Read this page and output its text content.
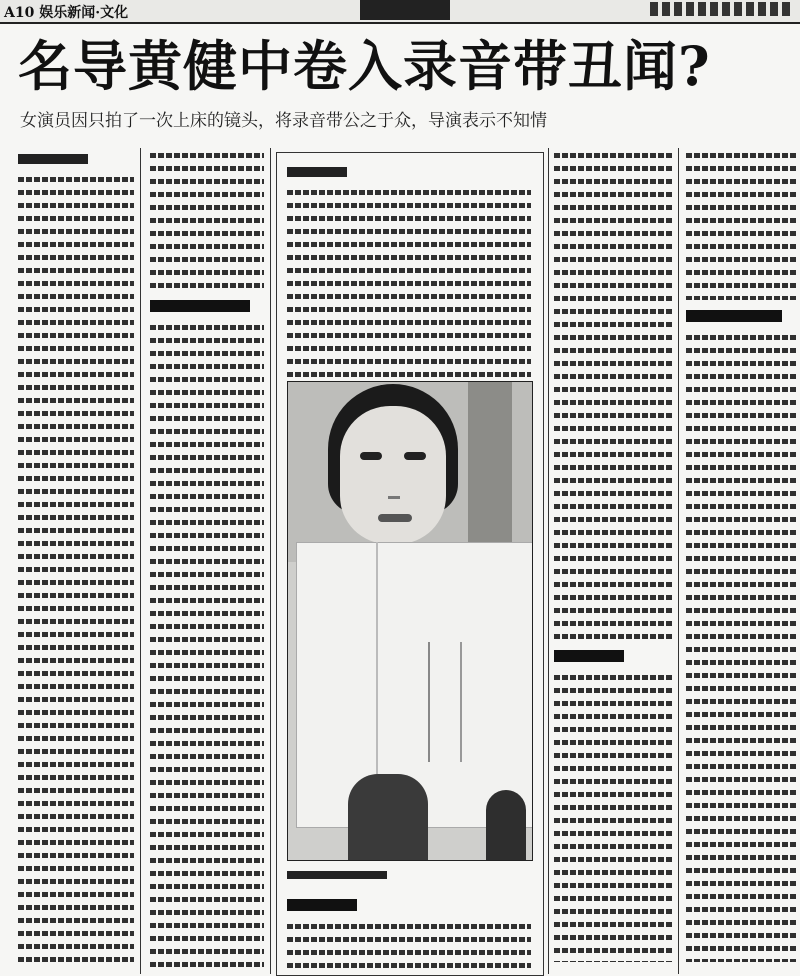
A10 娱乐新闻·文化
名导黄健中卷入录音带丑闻?
女演员因只拍了一次上床的镜头，将录音带公之于众，导演表示不知情
